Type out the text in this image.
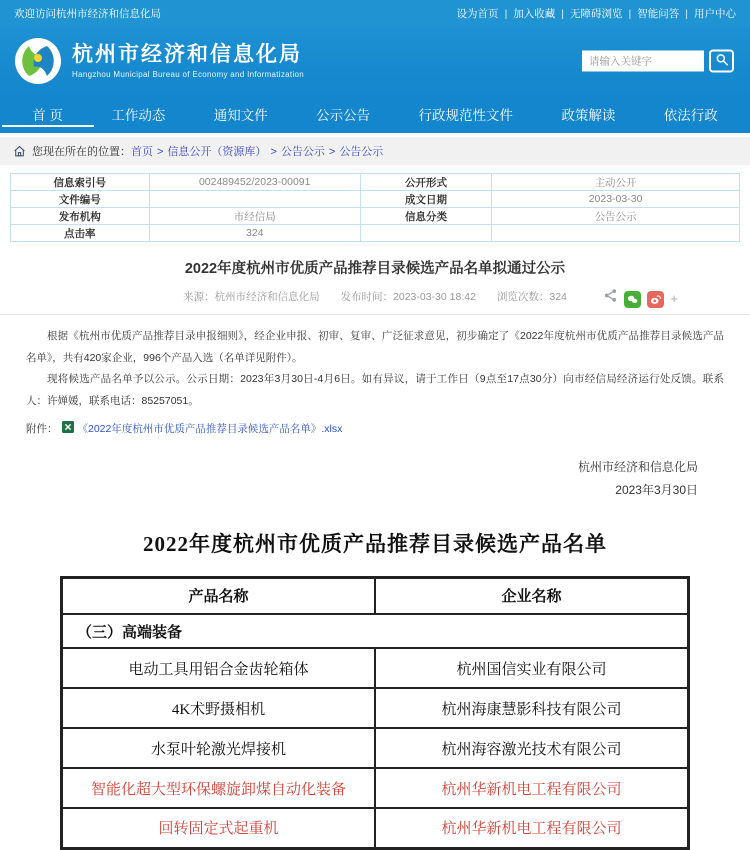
欢迎访问杭州市经济和信息化局	设为首页 |	加入收藏 |	无障碍浏览 |	智能问答 |	用户中心
杭州市经济和信息化局
Hangzhou Municipal Bureau of Economy and Informatization
请输入关键字
首 页	工作动态	通知文件	公示公告	行政规范性文件	政策解读	依法行政
您现在所在的位置： 首页 >	信息公开（资源库） >	公告公示 >	公告公示
信息索引号	002489452/2023-00091	公开形式	主动公开
文件编号		成文日期	2023-03-30
发布机构	市经信局	信息分类	公告公示
点击率	324		
2022年度杭州市优质产品推荐目录候选产品名单拟通过公示
来源：杭州市经济和信息化局 发布时间：2023-03-30 18:42 浏览次数：324	+

根据《杭州市优质产品推荐目录申报细则》，经企业申报、初审、复审、广泛征求意见，初步确定了《2022年度杭州市优质产品推荐目录候选产品名单》，共有420家企业，996个产品入选（名单详见附件）。

现将候选产品名单予以公示。公示日期：2023年3月30日-4月6日。如有异议，请于工作日（9点至17点30分）向市经信局经济运行处反馈。联系人：许婵媛，联系电话：85257051。

附件： 《2022年度杭州市优质产品推荐目录候选产品名单》.xlsx
杭州市经济和信息化局
2023年3月30日
2022年度杭州市优质产品推荐目录候选产品名单
产品名称	企业名称
（三）高端装备	
电动工具用铝合金齿轮箱体	杭州国信实业有限公司
4K术野摄相机	杭州海康慧影科技有限公司
水泵叶轮激光焊接机	杭州海容激光技术有限公司
智能化超大型环保螺旋卸煤自动化装备	杭州华新机电工程有限公司
回转固定式起重机	杭州华新机电工程有限公司
